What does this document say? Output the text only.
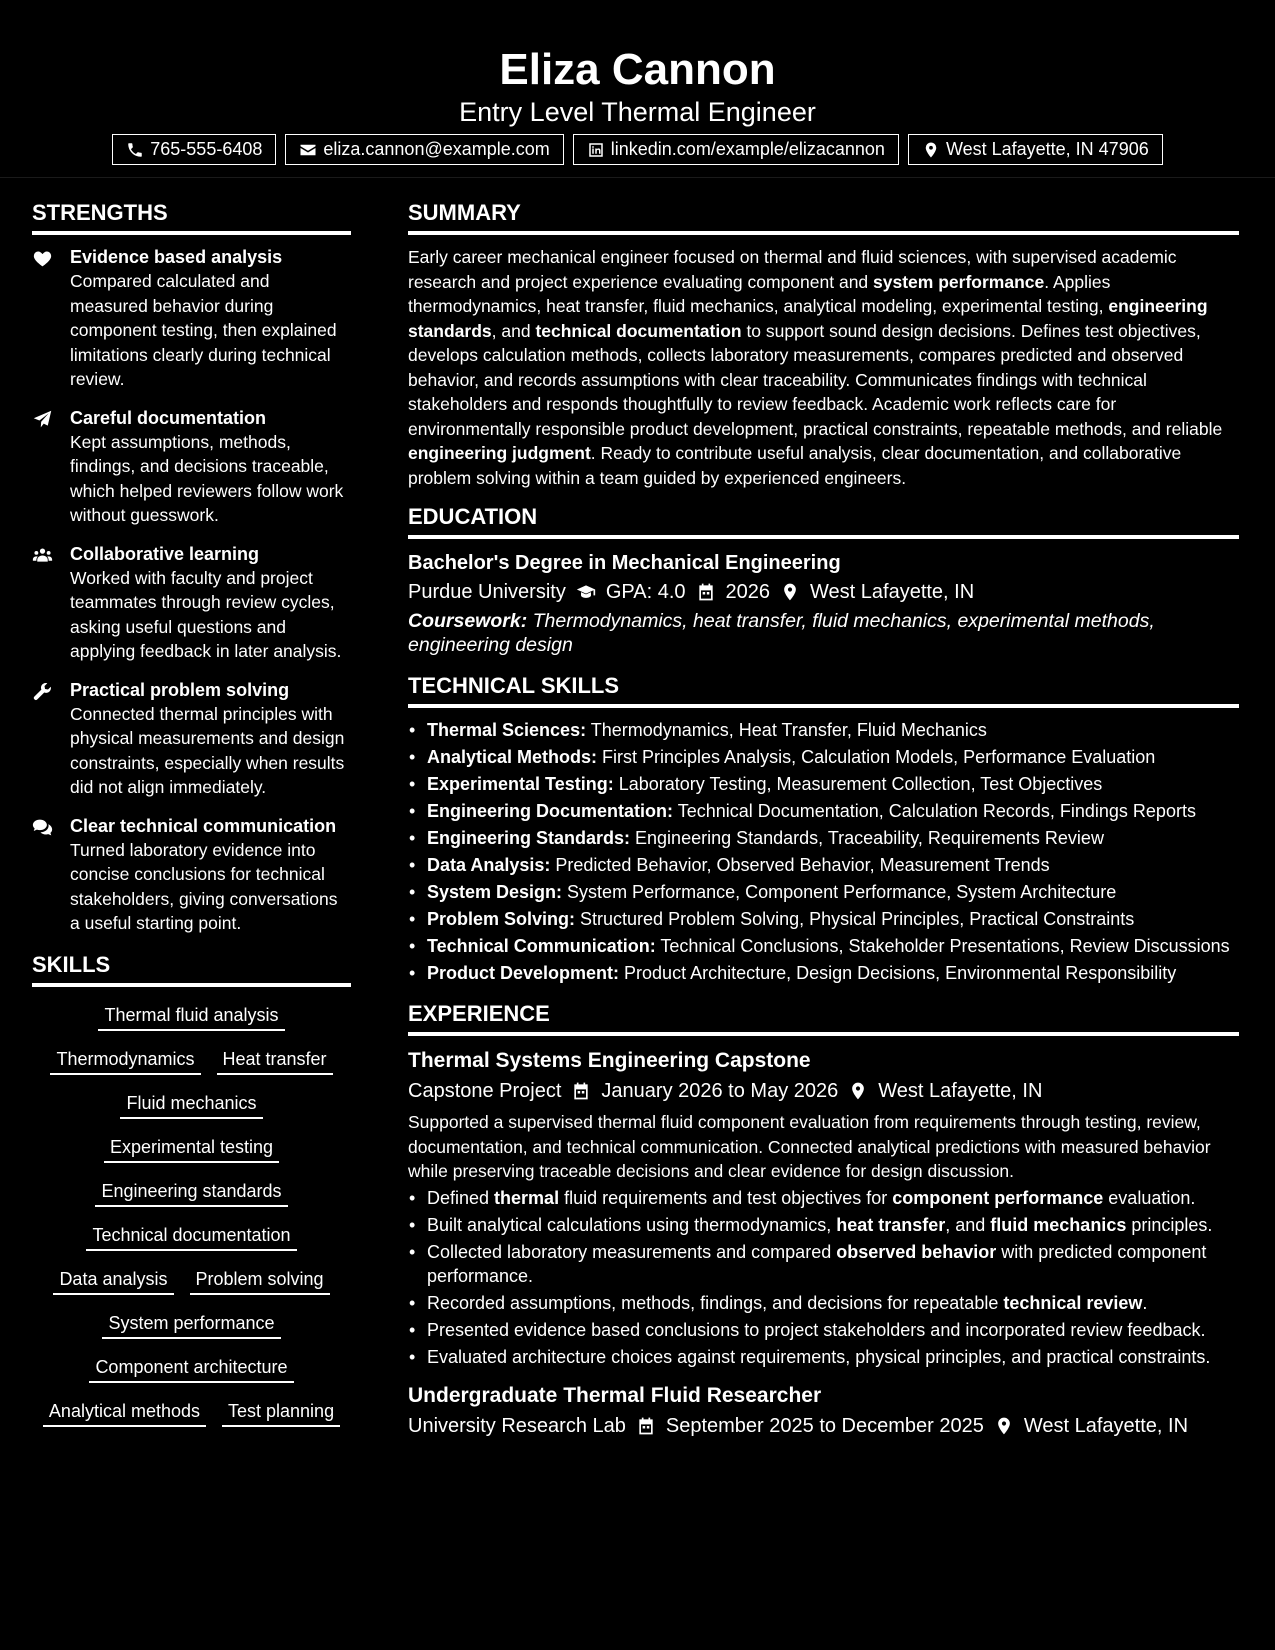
Eliza Cannon
Entry Level Thermal Engineer
765-555-6408	eliza.cannon@example.com	linkedin.com/example/elizacannon	West Lafayette, IN 47906
STRENGTHS
Evidence based analysis
Compared calculated and measured behavior during component testing, then explained limitations clearly during technical review.
Careful documentation
Kept assumptions, methods, findings, and decisions traceable, which helped reviewers follow work without guesswork.
Collaborative learning
Worked with faculty and project teammates through review cycles, asking useful questions and applying feedback in later analysis.
Practical problem solving
Connected thermal principles with physical measurements and design constraints, especially when results did not align immediately.
Clear technical communication
Turned laboratory evidence into concise conclusions for technical stakeholders, giving conversations a useful starting point.
SKILLS
Thermal fluid analysis
Thermodynamics	Heat transfer
Fluid mechanics
Experimental testing
Engineering standards
Technical documentation
Data analysis	Problem solving
System performance
Component architecture
Analytical methods	Test planning
SUMMARY

Early career mechanical engineer focused on thermal and fluid sciences, with supervised academic research and project experience evaluating component and system performance. Applies thermodynamics, heat transfer, fluid mechanics, analytical modeling, experimental testing, engineering standards, and technical documentation to support sound design decisions. Defines test objectives, develops calculation methods, collects laboratory measurements, compares predicted and observed behavior, and records assumptions with clear traceability. Communicates findings with technical stakeholders and responds thoughtfully to review feedback. Academic work reflects care for environmentally responsible product development, practical constraints, repeatable methods, and reliable engineering judgment. Ready to contribute useful analysis, clear documentation, and collaborative problem solving within a team guided by experienced engineers.

EDUCATION
Bachelor's Degree in Mechanical Engineering
Purdue University GPA: 4.0 2026 West Lafayette, IN
Coursework: Thermodynamics, heat transfer, fluid mechanics, experimental methods, engineering design
TECHNICAL SKILLS
• Thermal Sciences: Thermodynamics, Heat Transfer, Fluid Mechanics
• Analytical Methods: First Principles Analysis, Calculation Models, Performance Evaluation
• Experimental Testing: Laboratory Testing, Measurement Collection, Test Objectives
• Engineering Documentation: Technical Documentation, Calculation Records, Findings Reports
• Engineering Standards: Engineering Standards, Traceability, Requirements Review
• Data Analysis: Predicted Behavior, Observed Behavior, Measurement Trends
• System Design: System Performance, Component Performance, System Architecture
• Problem Solving: Structured Problem Solving, Physical Principles, Practical Constraints
• Technical Communication: Technical Conclusions, Stakeholder Presentations, Review Discussions
• Product Development: Product Architecture, Design Decisions, Environmental Responsibility
EXPERIENCE
Thermal Systems Engineering Capstone
Capstone Project January 2026 to May 2026 West Lafayette, IN

Supported a supervised thermal fluid component evaluation from requirements through testing, review, documentation, and technical communication. Connected analytical predictions with measured behavior while preserving traceable decisions and clear evidence for design discussion.

• Defined thermal fluid requirements and test objectives for component performance evaluation.
• Built analytical calculations using thermodynamics, heat transfer, and fluid mechanics principles.
• Collected laboratory measurements and compared observed behavior with predicted component performance.
• Recorded assumptions, methods, findings, and decisions for repeatable technical review.
• Presented evidence based conclusions to project stakeholders and incorporated review feedback.
• Evaluated architecture choices against requirements, physical principles, and practical constraints.
Undergraduate Thermal Fluid Researcher
University Research Lab September 2025 to December 2025 West Lafayette, IN
